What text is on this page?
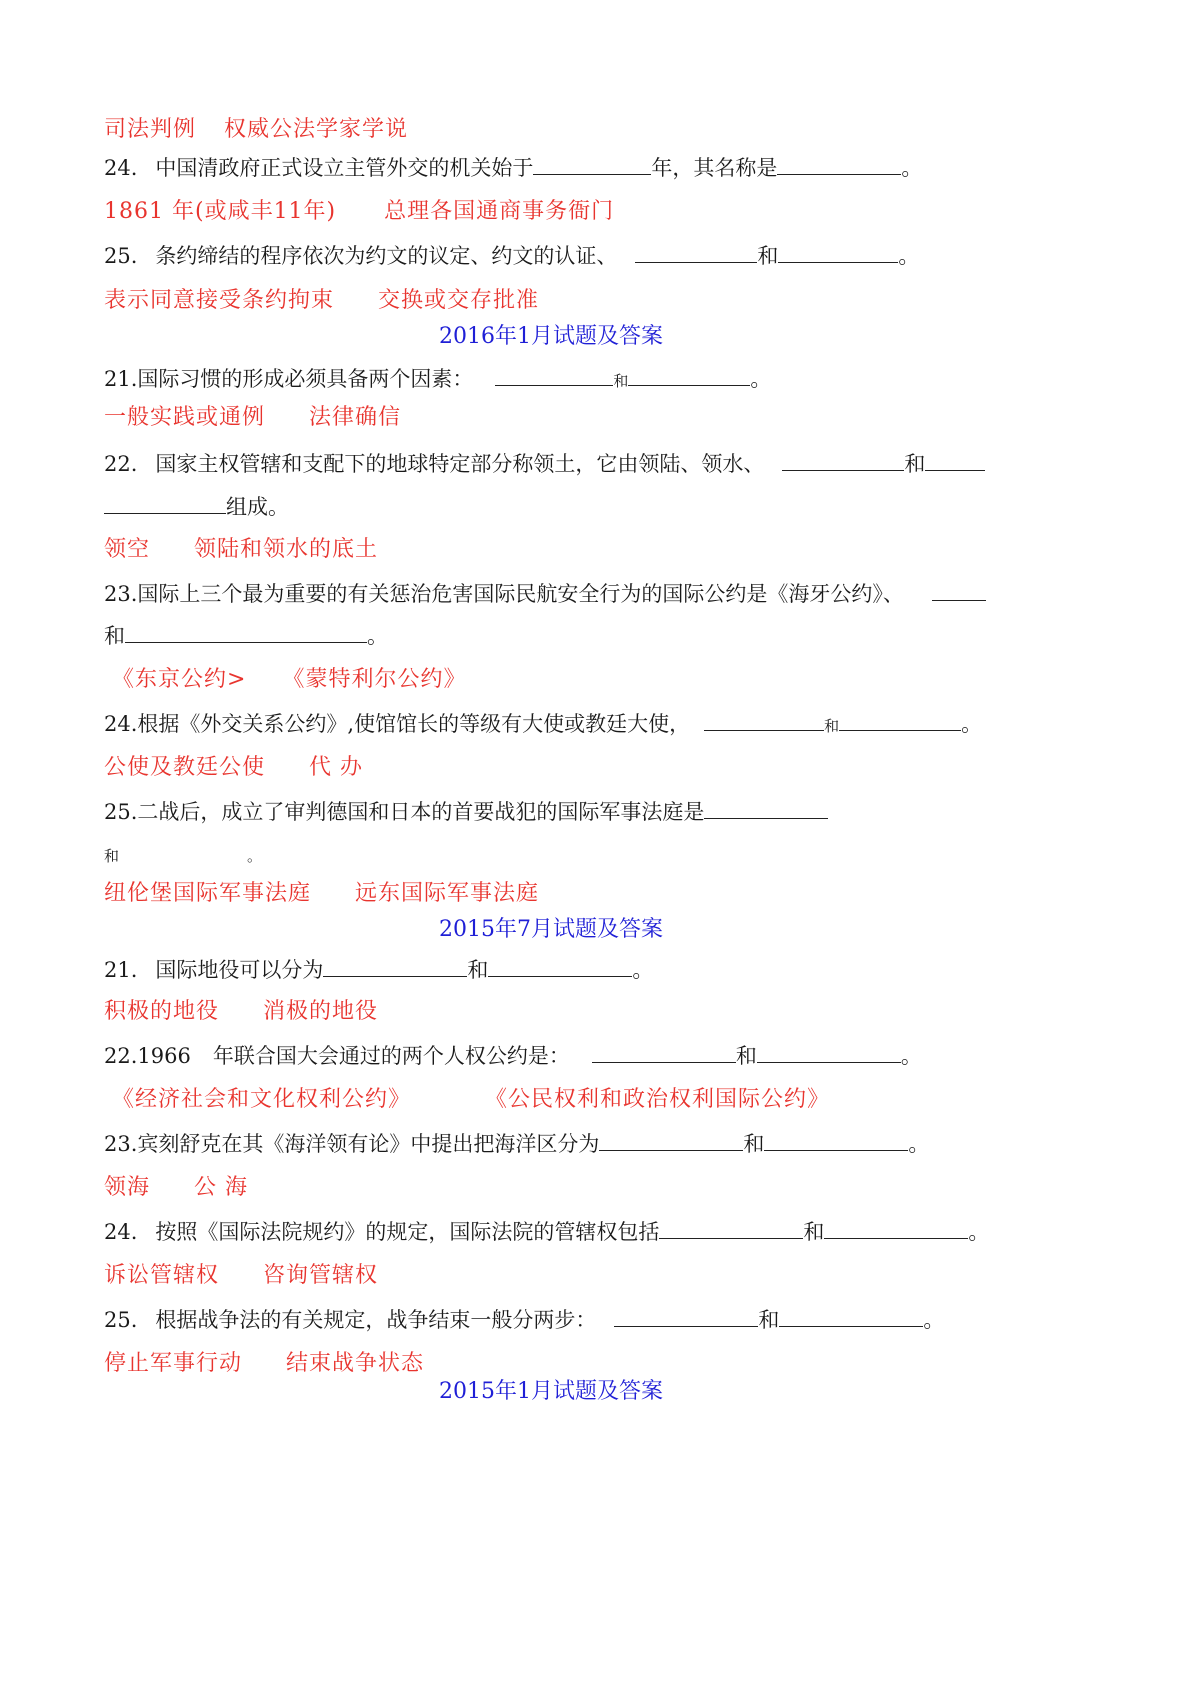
司法判例 权威公法学家学说
24. 中国清政府正式设立主管外交的机关始于	年，其名称是	。
1861 年(或咸丰11年) 总理各国通商事务衙门
25. 条约缔结的程序依次为约文的议定、约文的认证、	和	。
表示同意接受条约拘束 交换或交存批准
2016年1月试题及答案
21.国际习惯的形成必须具备两个因素：	和	。
一般实践或通例 法律确信
22. 国家主权管辖和支配下的地球特定部分称领土，它由领陆、领水、	和
组成。
领空 领陆和领水的底土
23.国际上三个最为重要的有关惩治危害国际民航安全行为的国际公约是《海牙公约》、
和	。
《东京公约> 《蒙特利尔公约》
24.根据《外交关系公约》,使馆馆长的等级有大使或教廷大使，	和	。
公使及教廷公使 代 办
25.二战后，成立了审判德国和日本的首要战犯的国际军事法庭是
和	。
纽伦堡国际军事法庭 远东国际军事法庭
2015年7月试题及答案
21. 国际地役可以分为	和	。
积极的地役 消极的地役
22.1966 年联合国大会通过的两个人权公约是：	和	。
《经济社会和文化权利公约》	《公民权利和政治权利国际公约》
23.宾刻舒克在其《海洋领有论》中提出把海洋区分为	和	。
领海 公 海
24. 按照《国际法院规约》的规定，国际法院的管辖权包括	和	。
诉讼管辖权 咨询管辖权
25. 根据战争法的有关规定，战争结束一般分两步：	和	。
停止军事行动 结束战争状态
2015年1月试题及答案
